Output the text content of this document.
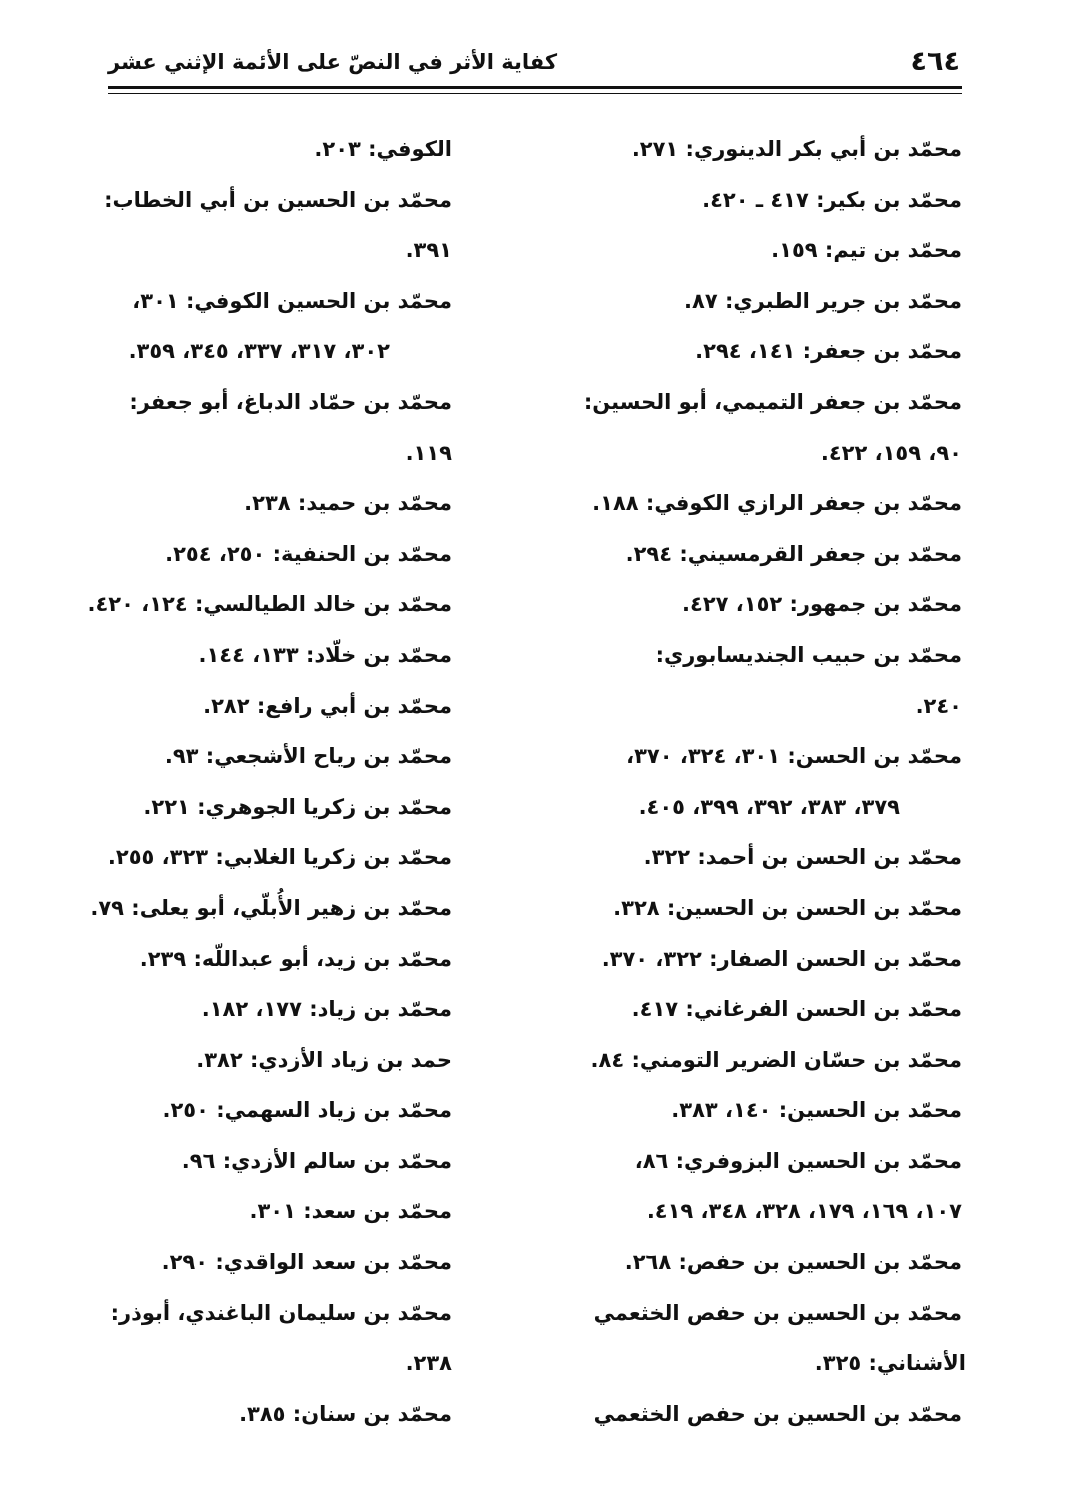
٤٦٤
كفاية الأثر في النصّ على الأئمة الإثني عشر
محمّد بن أبي بكر الدينوري: ٢٧١.
محمّد بن بكير: ٤١٧ ـ ٤٢٠.
محمّد بن تيم: ١٥٩.
محمّد بن جرير الطبري: ٨٧.
محمّد بن جعفر: ١٤١، ٢٩٤.
محمّد بن جعفر التميمي، أبو الحسين:
٩٠، ١٥٩، ٤٢٢.
محمّد بن جعفر الرازي الكوفي: ١٨٨.
محمّد بن جعفر القرمسيني: ٢٩٤.
محمّد بن جمهور: ١٥٢، ٤٢٧.
محمّد بن حبيب الجنديسابوري:
٢٤٠.
محمّد بن الحسن: ٣٠١، ٣٢٤، ٣٧٠،
٣٧٩، ٣٨٣، ٣٩٢، ٣٩٩، ٤٠٥.
محمّد بن الحسن بن أحمد: ٣٢٢.
محمّد بن الحسن بن الحسين: ٣٢٨.
محمّد بن الحسن الصفار: ٣٢٢، ٣٧٠.
محمّد بن الحسن الفرغاني: ٤١٧.
محمّد بن حسّان الضرير التومني: ٨٤.
محمّد بن الحسين: ١٤٠، ٣٨٣.
محمّد بن الحسين البزوفري: ٨٦،
١٠٧، ١٦٩، ١٧٩، ٣٢٨، ٣٤٨، ٤١٩.
محمّد بن الحسين بن حفص: ٢٦٨.
محمّد بن الحسين بن حفص الخثعمي
الأشناني: ٣٢٥.
محمّد بن الحسين بن حفص الخثعمي
الكوفي: ٢٠٣.
محمّد بن الحسين بن أبي الخطاب:
٣٩١.
محمّد بن الحسين الكوفي: ٣٠١،
٣٠٢، ٣١٧، ٣٣٧، ٣٤٥، ٣٥٩.
محمّد بن حمّاد الدباغ، أبو جعفر:
١١٩.
محمّد بن حميد: ٢٣٨.
محمّد بن الحنفية: ٢٥٠، ٢٥٤.
محمّد بن خالد الطيالسي: ١٢٤، ٤٢٠.
محمّد بن خلّاد: ١٣٣، ١٤٤.
محمّد بن أبي رافع: ٢٨٢.
محمّد بن رياح الأشجعي: ٩٣.
محمّد بن زكريا الجوهري: ٢٢١.
محمّد بن زكريا الغلابي: ٣٢٣، ٢٥٥.
محمّد بن زهير الأُبلّي، أبو يعلى: ٧٩.
محمّد بن زيد، أبو عبداللّه: ٢٣٩.
محمّد بن زياد: ١٧٧، ١٨٢.
حمد بن زياد الأزدي: ٣٨٢.
محمّد بن زياد السهمي: ٢٥٠.
محمّد بن سالم الأزدي: ٩٦.
محمّد بن سعد: ٣٠١.
محمّد بن سعد الواقدي: ٢٩٠.
محمّد بن سليمان الباغندي، أبوذر:
٢٣٨.
محمّد بن سنان: ٣٨٥.
